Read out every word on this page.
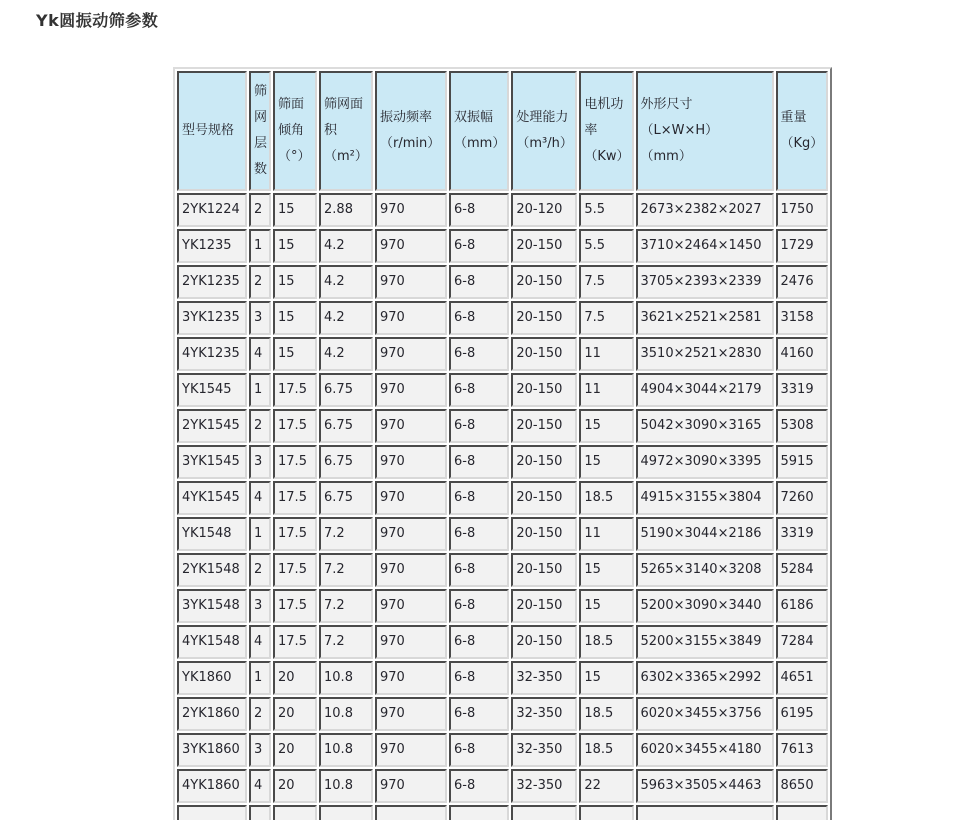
Yk圆振动筛参数
型号规格	筛
网
层
数	筛面
倾角
（°）	筛网面
积
（m²）	振动频率
（r/min）	双振幅
（mm）	处理能力
（m³/h）	电机功
率
（Kw）	外形尺寸
（L×W×H）
（mm）	重量
（Kg）
2YK1224	2	15	2.88	970	6-8	20-120	5.5	2673×2382×2027	1750
YK1235	1	15	4.2	970	6-8	20-150	5.5	3710×2464×1450	1729
2YK1235	2	15	4.2	970	6-8	20-150	7.5	3705×2393×2339	2476
3YK1235	3	15	4.2	970	6-8	20-150	7.5	3621×2521×2581	3158
4YK1235	4	15	4.2	970	6-8	20-150	11	3510×2521×2830	4160
YK1545	1	17.5	6.75	970	6-8	20-150	11	4904×3044×2179	3319
2YK1545	2	17.5	6.75	970	6-8	20-150	15	5042×3090×3165	5308
3YK1545	3	17.5	6.75	970	6-8	20-150	15	4972×3090×3395	5915
4YK1545	4	17.5	6.75	970	6-8	20-150	18.5	4915×3155×3804	7260
YK1548	1	17.5	7.2	970	6-8	20-150	11	5190×3044×2186	3319
2YK1548	2	17.5	7.2	970	6-8	20-150	15	5265×3140×3208	5284
3YK1548	3	17.5	7.2	970	6-8	20-150	15	5200×3090×3440	6186
4YK1548	4	17.5	7.2	970	6-8	20-150	18.5	5200×3155×3849	7284
YK1860	1	20	10.8	970	6-8	32-350	15	6302×3365×2992	4651
2YK1860	2	20	10.8	970	6-8	32-350	18.5	6020×3455×3756	6195
3YK1860	3	20	10.8	970	6-8	32-350	18.5	6020×3455×4180	7613
4YK1860	4	20	10.8	970	6-8	32-350	22	5963×3505×4463	8650
